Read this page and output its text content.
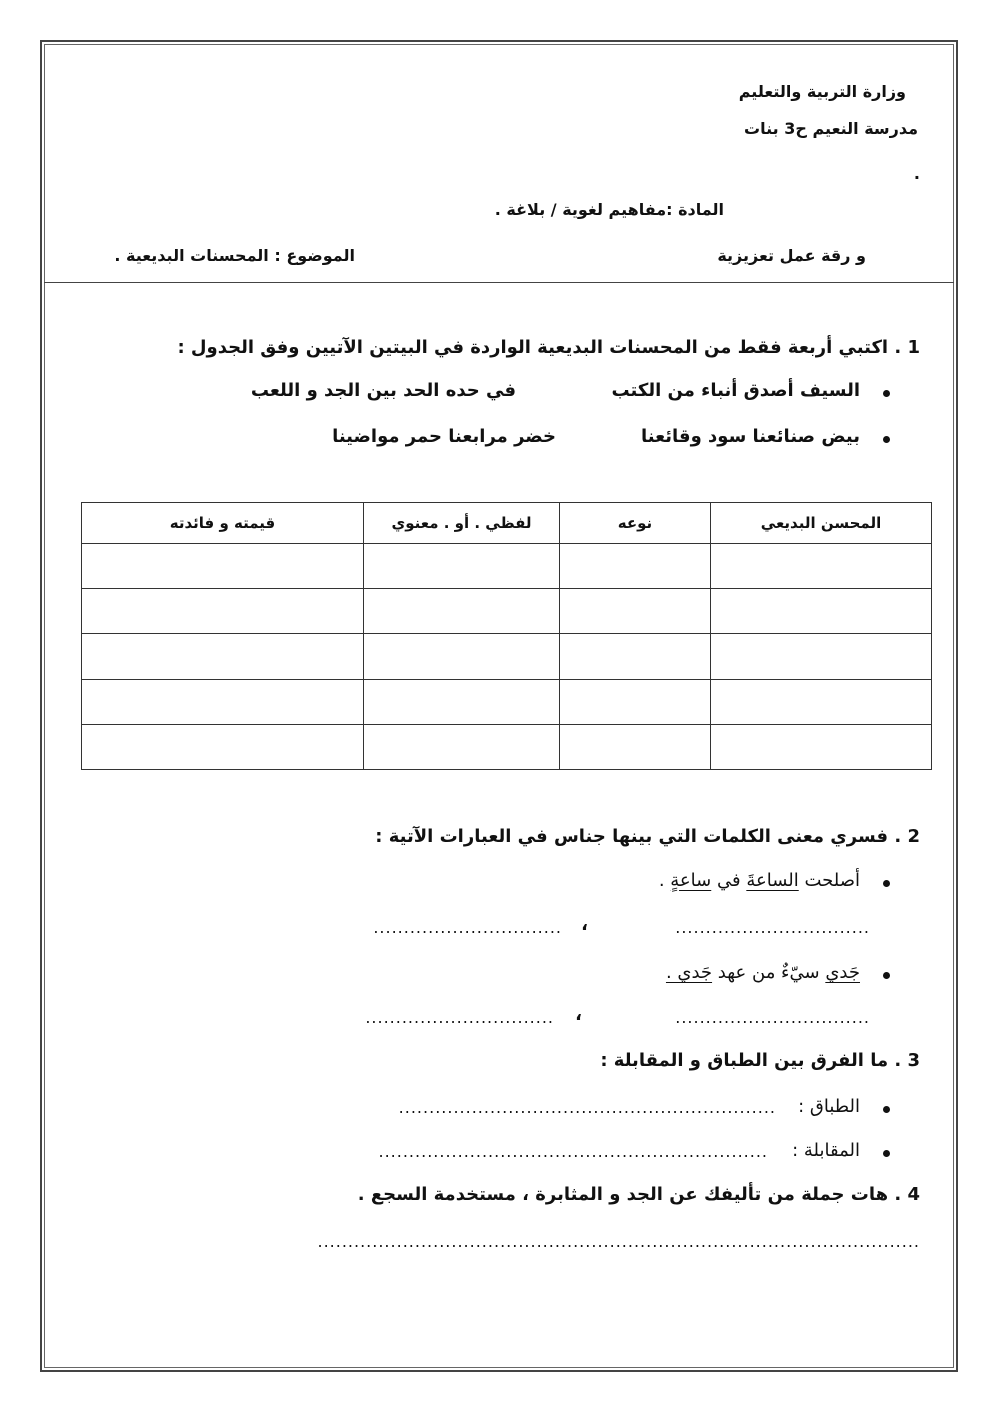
وزارة التربية والتعليم
مدرسة النعيم ح3 بنات
.
المادة :مفاهيم لغوية / بلاغة .
و رقة عمل تعزيزية
الموضوع : المحسنات البديعية .
1 . اكتبي أربعة فقط من المحسنات البديعية الواردة في البيتين الآتيين وفق الجدول :
السيف أصدق أنباء من الكتب
في حده الحد بين الجد و اللعب
بيض صنائعنا سود وقائعنا
خضر مرابعنا حمر مواضينا
المحسن البديعي	نوعه	لفظي . أو . معنوي	قيمته و فائدته

2 . فسري معنى الكلمات التي بينها جناس في العبارات الآتية :
أصلحت الساعةَ في ساعةٍ .
................................
،
...............................
جَدي سيّءٌ من عهد جَدي .
................................
،
...............................
3 . ما الفرق بين الطباق و المقابلة :
الطباق :
..............................................................
المقابلة :
................................................................
4 . هات جملة من تأليفك عن الجد و المثابرة ، مستخدمة السجع .
...................................................................................................
